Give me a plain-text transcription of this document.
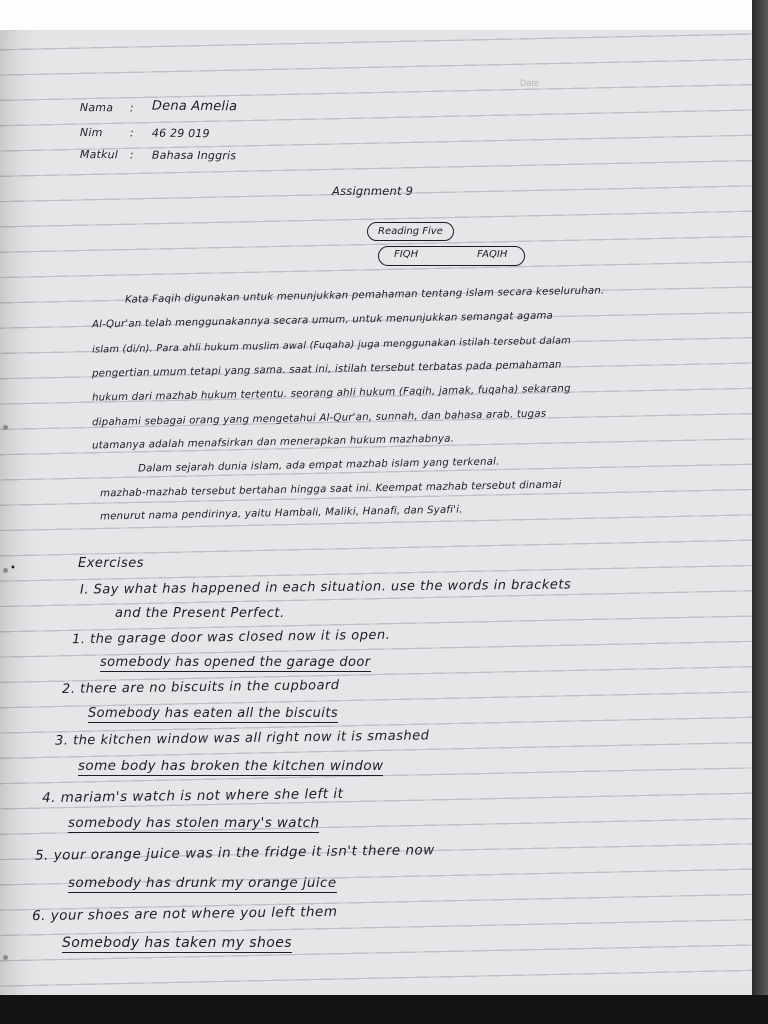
Date
Nama : Dena Amelia
Nim : 46 29 019
Matkul : Bahasa Inggris
Assignment 9
Reading Five
FIQH	FAQIH
Kata Faqih digunakan untuk menunjukkan pemahaman tentang islam secara keseluruhan.
Al-Qur'an telah menggunakannya secara umum, untuk menunjukkan semangat agama
islam (di/n). Para ahli hukum muslim awal (Fuqaha) juga menggunakan istilah tersebut dalam
pengertian umum tetapi yang sama. saat ini, istilah tersebut terbatas pada pemahaman
hukum dari mazhab hukum tertentu. seorang ahli hukum (Faqih, jamak, fuqaha) sekarang
dipahami sebagai orang yang mengetahui Al-Qur'an, sunnah, dan bahasa arab. tugas
utamanya adalah menafsirkan dan menerapkan hukum mazhabnya.
Dalam sejarah dunia islam, ada empat mazhab islam yang terkenal.
mazhab-mazhab tersebut bertahan hingga saat ini. Keempat mazhab tersebut dinamai
menurut nama pendirinya, yaitu Hambali, Maliki, Hanafi, dan Syafi'i.
•	Exercises
I. Say what has happened in each situation. use the words in brackets
and the Present Perfect.
1. the garage door was closed now it is open.
somebody has opened the garage door
2. there are no biscuits in the cupboard
Somebody has eaten all the biscuits
3. the kitchen window was all right now it is smashed
some body has broken the kitchen window
4. mariam's watch is not where she left it
somebody has stolen mary's watch
5. your orange juice was in the fridge it isn't there now
somebody has drunk my orange juice
6. your shoes are not where you left them
Somebody has taken my shoes
